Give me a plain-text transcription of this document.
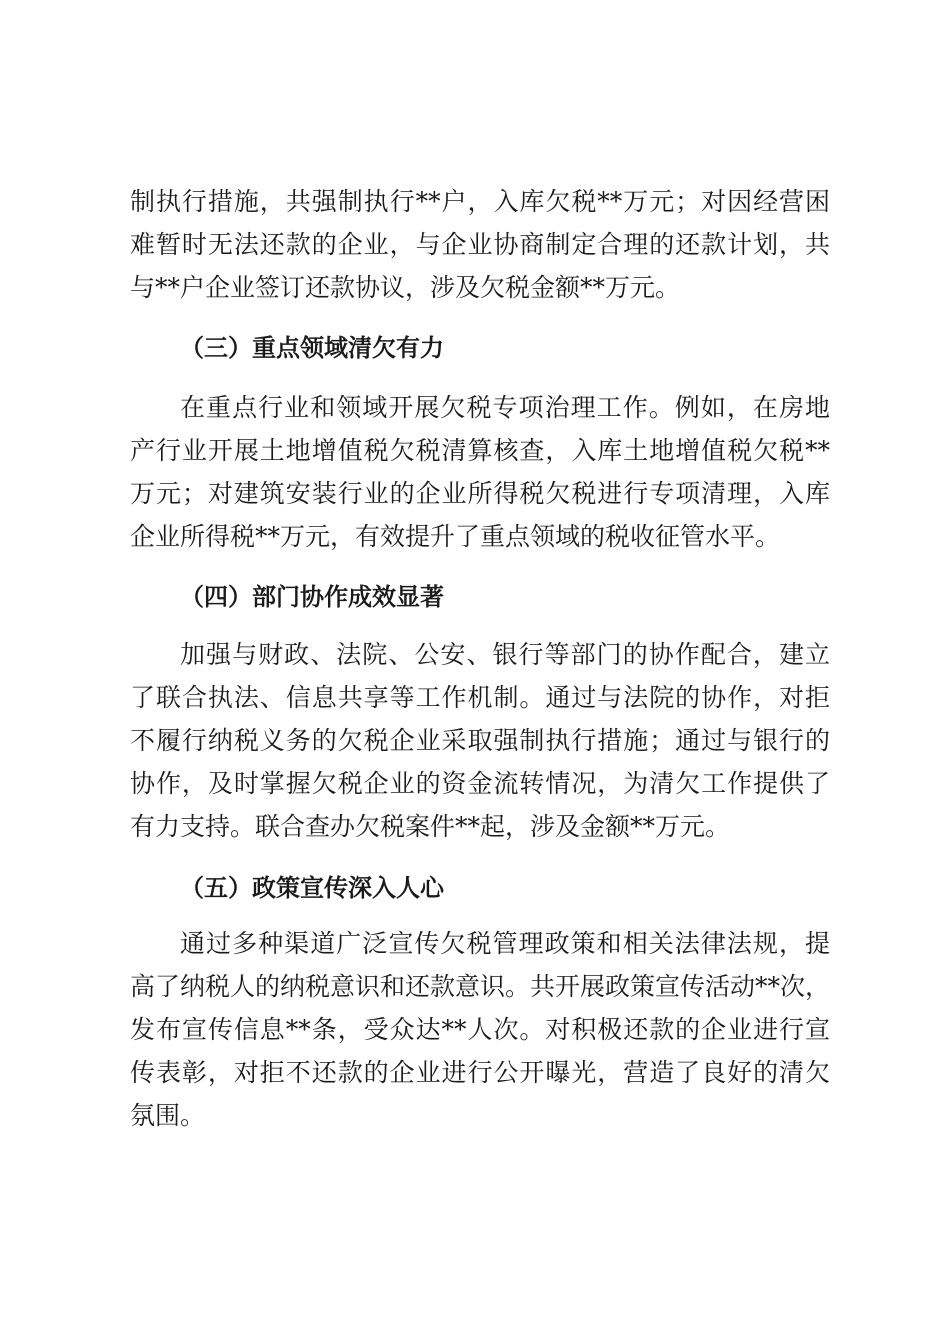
制执行措施，共强制执行**户，入库欠税**万元；对因经营困

难暂时无法还款的企业，与企业协商制定合理的还款计划，共

与**户企业签订还款协议，涉及欠税金额**万元。

（三）重点领域清欠有力

在重点行业和领域开展欠税专项治理工作。例如，在房地

产行业开展土地增值税欠税清算核查，入库土地增值税欠税**

万元；对建筑安装行业的企业所得税欠税进行专项清理，入库

企业所得税**万元，有效提升了重点领域的税收征管水平。

（四）部门协作成效显著

加强与财政、法院、公安、银行等部门的协作配合，建立

了联合执法、信息共享等工作机制。通过与法院的协作，对拒

不履行纳税义务的欠税企业采取强制执行措施；通过与银行的

协作，及时掌握欠税企业的资金流转情况，为清欠工作提供了

有力支持。联合查办欠税案件**起，涉及金额**万元。

（五）政策宣传深入人心

通过多种渠道广泛宣传欠税管理政策和相关法律法规，提

高了纳税人的纳税意识和还款意识。共开展政策宣传活动**次，

发布宣传信息**条，受众达**人次。对积极还款的企业进行宣

传表彰，对拒不还款的企业进行公开曝光，营造了良好的清欠

氛围。
